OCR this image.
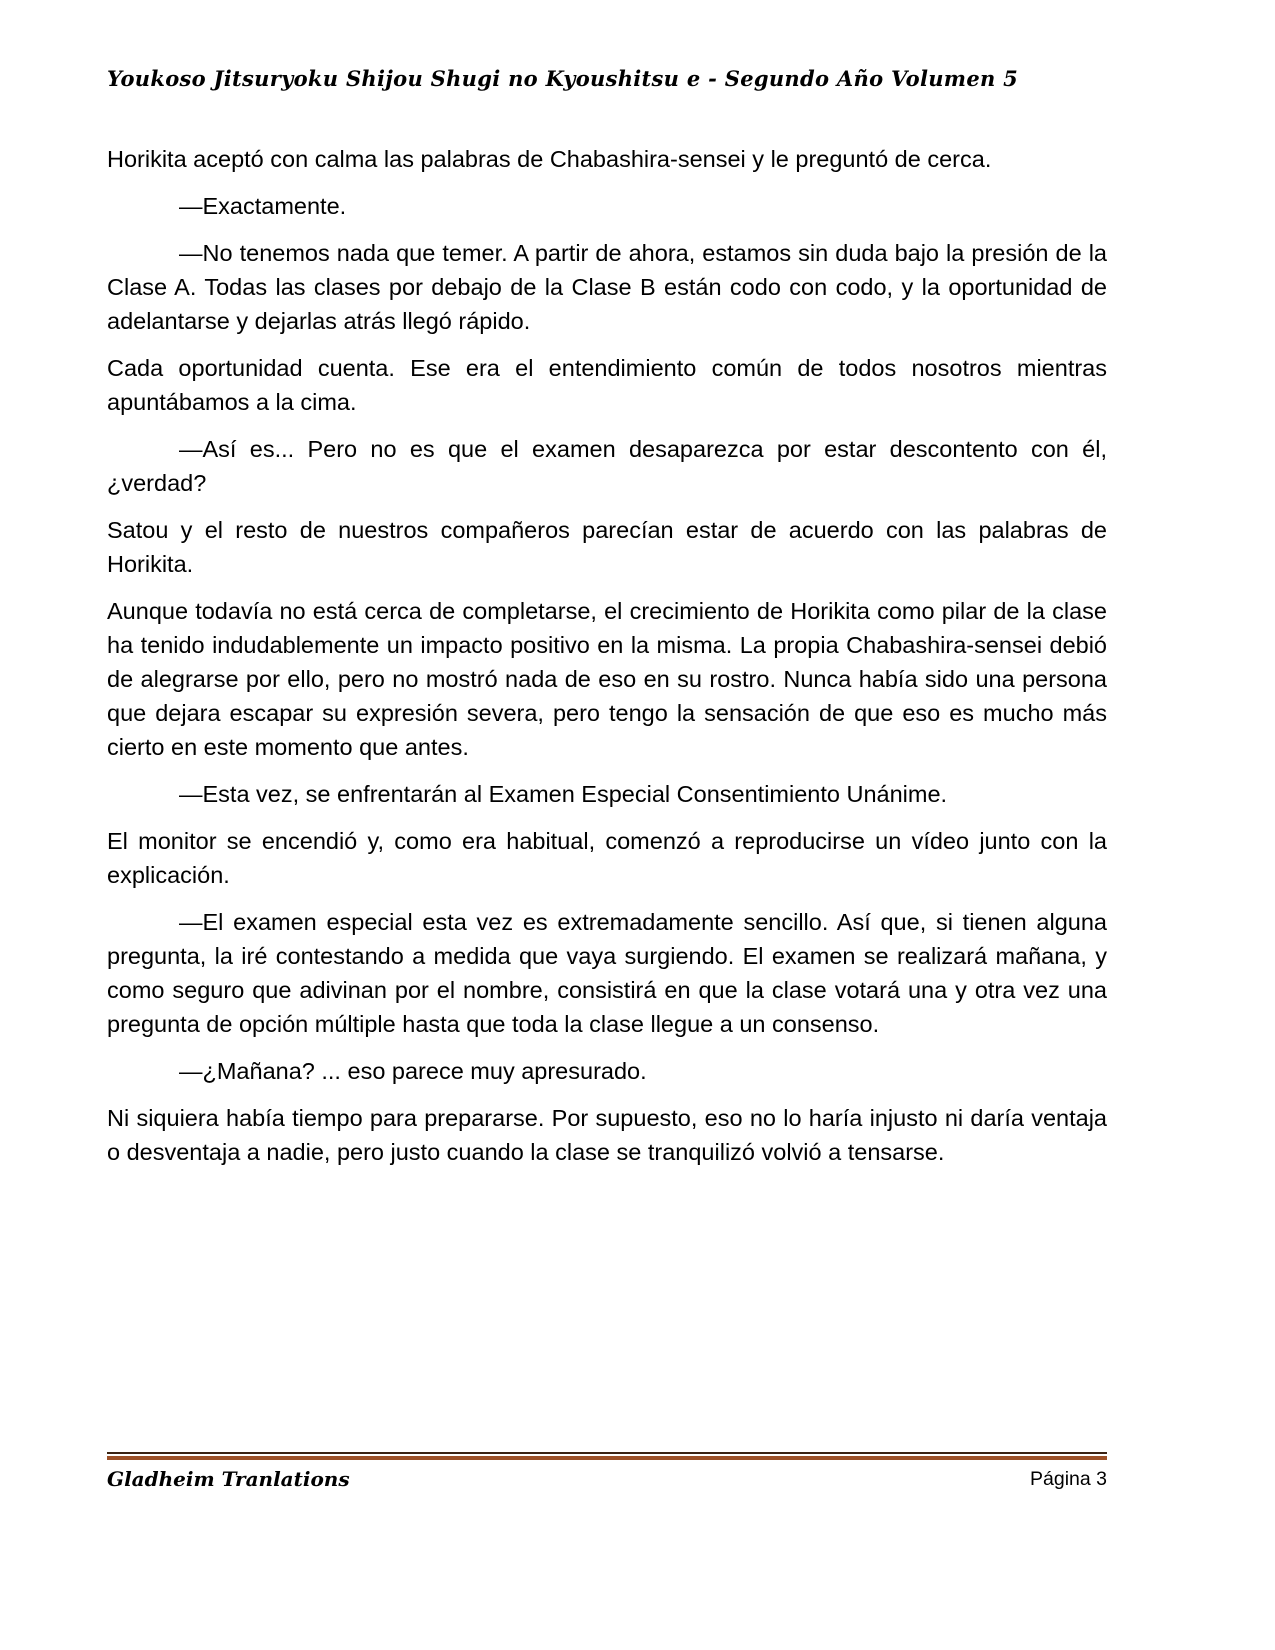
Youkoso Jitsuryoku Shijou Shugi no Kyoushitsu e - Segundo Año Volumen 5

Horikita aceptó con calma las palabras de Chabashira-sensei y le preguntó de cerca.

—Exactamente.

—No tenemos nada que temer. A partir de ahora, estamos sin duda bajo la presión de la Clase A. Todas las clases por debajo de la Clase B están codo con codo, y la oportunidad de adelantarse y dejarlas atrás llegó rápido.

Cada oportunidad cuenta. Ese era el entendimiento común de todos nosotros mientras apuntábamos a la cima.

—Así es... Pero no es que el examen desaparezca por estar descontento con él, ¿verdad?

Satou y el resto de nuestros compañeros parecían estar de acuerdo con las palabras de Horikita.

Aunque todavía no está cerca de completarse, el crecimiento de Horikita como pilar de la clase ha tenido indudablemente un impacto positivo en la misma. La propia Chabashira-sensei debió de alegrarse por ello, pero no mostró nada de eso en su rostro. Nunca había sido una persona que dejara escapar su expresión severa, pero tengo la sensación de que eso es mucho más cierto en este momento que antes.

—Esta vez, se enfrentarán al Examen Especial Consentimiento Unánime.

El monitor se encendió y, como era habitual, comenzó a reproducirse un vídeo junto con la explicación.

—El examen especial esta vez es extremadamente sencillo. Así que, si tienen alguna pregunta, la iré contestando a medida que vaya surgiendo. El examen se realizará mañana, y como seguro que adivinan por el nombre, consistirá en que la clase votará una y otra vez una pregunta de opción múltiple hasta que toda la clase llegue a un consenso.

—¿Mañana? ... eso parece muy apresurado.

Ni siquiera había tiempo para prepararse. Por supuesto, eso no lo haría injusto ni daría ventaja o desventaja a nadie, pero justo cuando la clase se tranquilizó volvió a tensarse.

Gladheim Tranlations	Página 3
